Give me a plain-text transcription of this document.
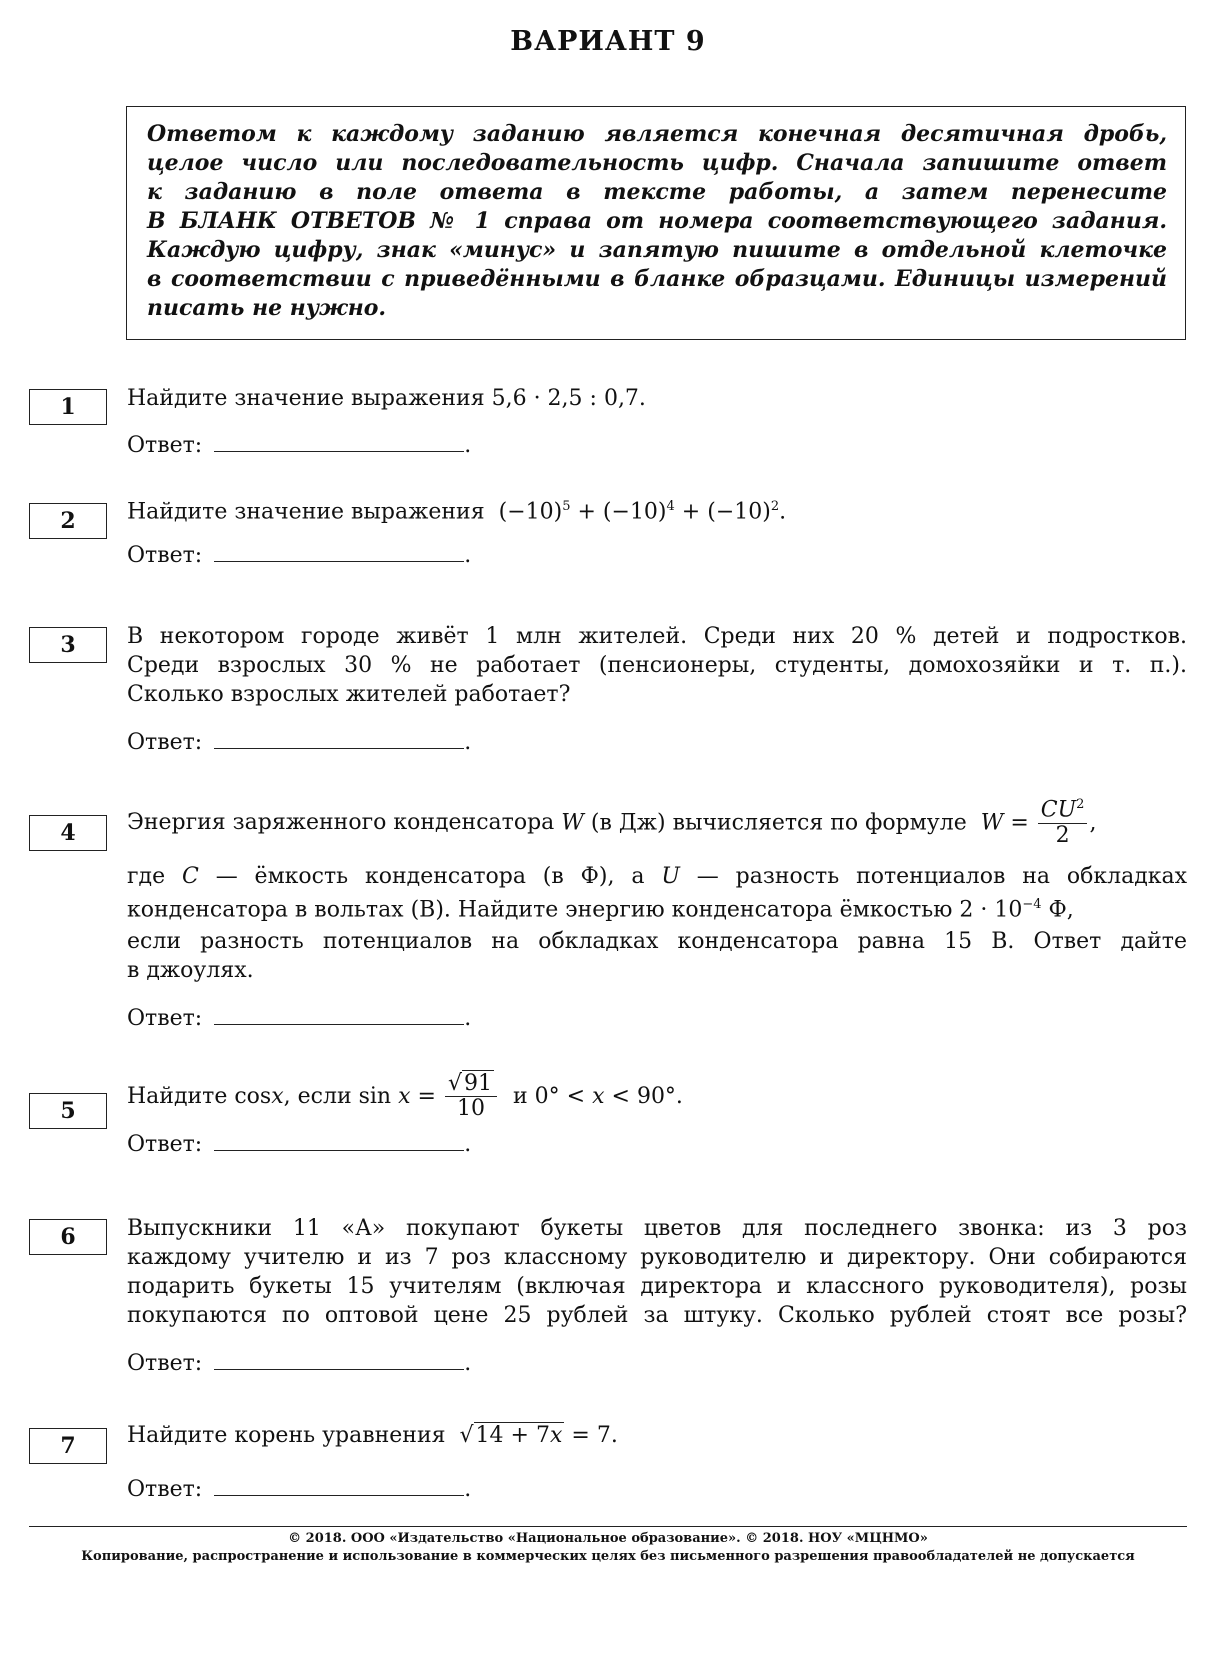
ВАРИАНТ 9
Ответом к каждому заданию является конечная десятичная дробь,
целое число или последовательность цифр. Сначала запишите ответ
к заданию в поле ответа в тексте работы, а затем перенесите
В БЛАНК ОТВЕТОВ № 1 справа от номера соответствующего задания.
Каждую цифру, знак «минус» и запятую пишите в отдельной клеточке
в соответствии с приведёнными в бланке образцами. Единицы измерений
писать не нужно.
1	Найдите значение выражения 5,6 · 2,5 : 0,7.
Ответ:	.
2	Найдите значение выражения $(-10)^5 + (-10)^4 + (-10)^2$.
Ответ:	.
3	В некотором городе живёт 1 млн жителей. Среди них 20 % детей и подростков.
Среди взрослых 30 % не работает (пенсионеры, студенты, домохозяйки и т. п.).
Сколько взрослых жителей работает?
Ответ:	.
4	Энергия заряженного конденсатора W (в Дж) вычисляется по формуле $W = \frac{CU^2}{2}$ ,
где C — ёмкость конденсатора (в Ф), а U — разность потенциалов на обкладках
конденсатора в вольтах (В). Найдите энергию конденсатора ёмкостью $2 \cdot 10^{-4}$ Ф,
если разность потенциалов на обкладках конденсатора равна 15 В. Ответ дайте
в джоулях.
Ответ:	.
5
Найдите cosx, если $\sin x = \frac{√91}{10}$ и 0° < x < 90°.
Ответ:	.
6	Выпускники 11 «А» покупают букеты цветов для последнего звонка: из 3 роз
каждому учителю и из 7 роз классному руководителю и директору. Они собираются
подарить букеты 15 учителям (включая директора и классного руководителя), розы
покупаются по оптовой цене 25 рублей за штуку. Сколько рублей стоят все розы?
Ответ:	.
7	Найдите корень уравнения √14 + 7x = 7.
Ответ:	.
© 2018. ООО «Издательство «Национальное образование». © 2018. НОУ «МЦНМО»
Копирование, распространение и использование в коммерческих целях без письменного разрешения правообладателей не допускается
